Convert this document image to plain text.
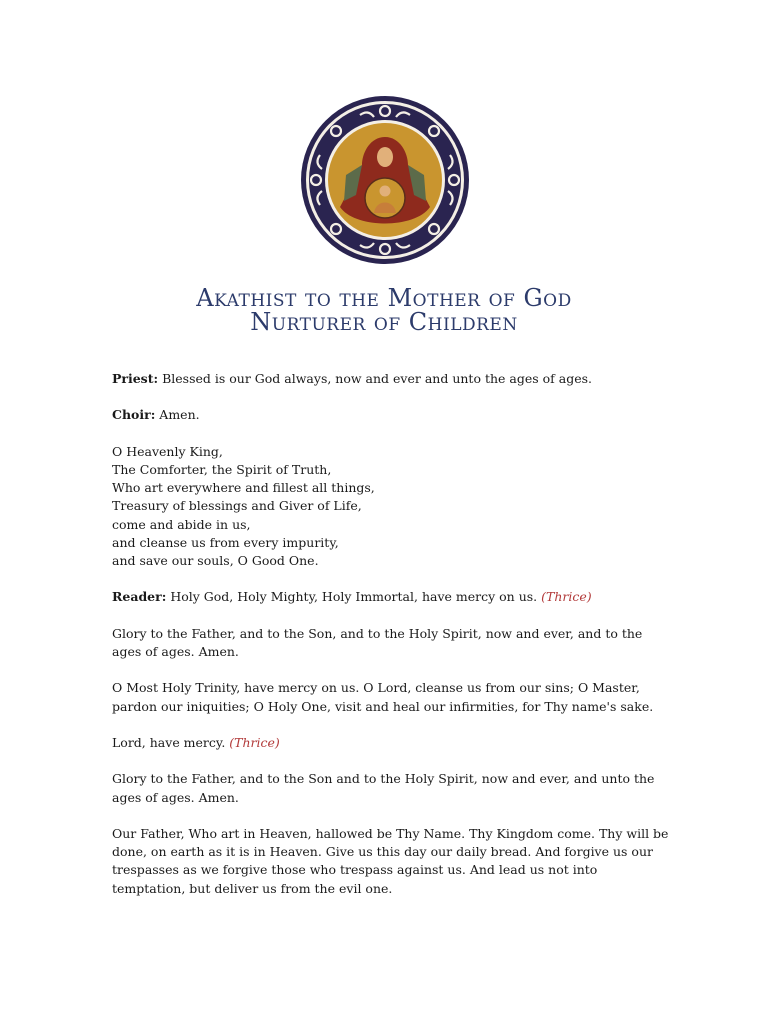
Akathist to the Mother of God
Nurturer of Children

Priest: Blessed is our God always, now and ever and unto the ages of ages.

Choir: Amen.

O Heavenly King,
The Comforter, the Spirit of Truth,
Who art everywhere and fillest all things,
Treasury of blessings and Giver of Life,
come and abide in us,
and cleanse us from every impurity,
and save our souls, O Good One.

Reader: Holy God, Holy Mighty, Holy Immortal, have mercy on us. (Thrice)

Glory to the Father, and to the Son, and to the Holy Spirit, now and ever, and to the ages of ages. Amen.

O Most Holy Trinity, have mercy on us. O Lord, cleanse us from our sins; O Master, pardon our iniquities; O Holy One, visit and heal our infirmities, for Thy name's sake.

Lord, have mercy. (Thrice)

Glory to the Father, and to the Son and to the Holy Spirit, now and ever, and unto the ages of ages. Amen.

Our Father, Who art in Heaven, hallowed be Thy Name. Thy Kingdom come. Thy will be done, on earth as it is in Heaven. Give us this day our daily bread. And forgive us our trespasses as we forgive those who trespass against us. And lead us not into temptation, but deliver us from the evil one.
